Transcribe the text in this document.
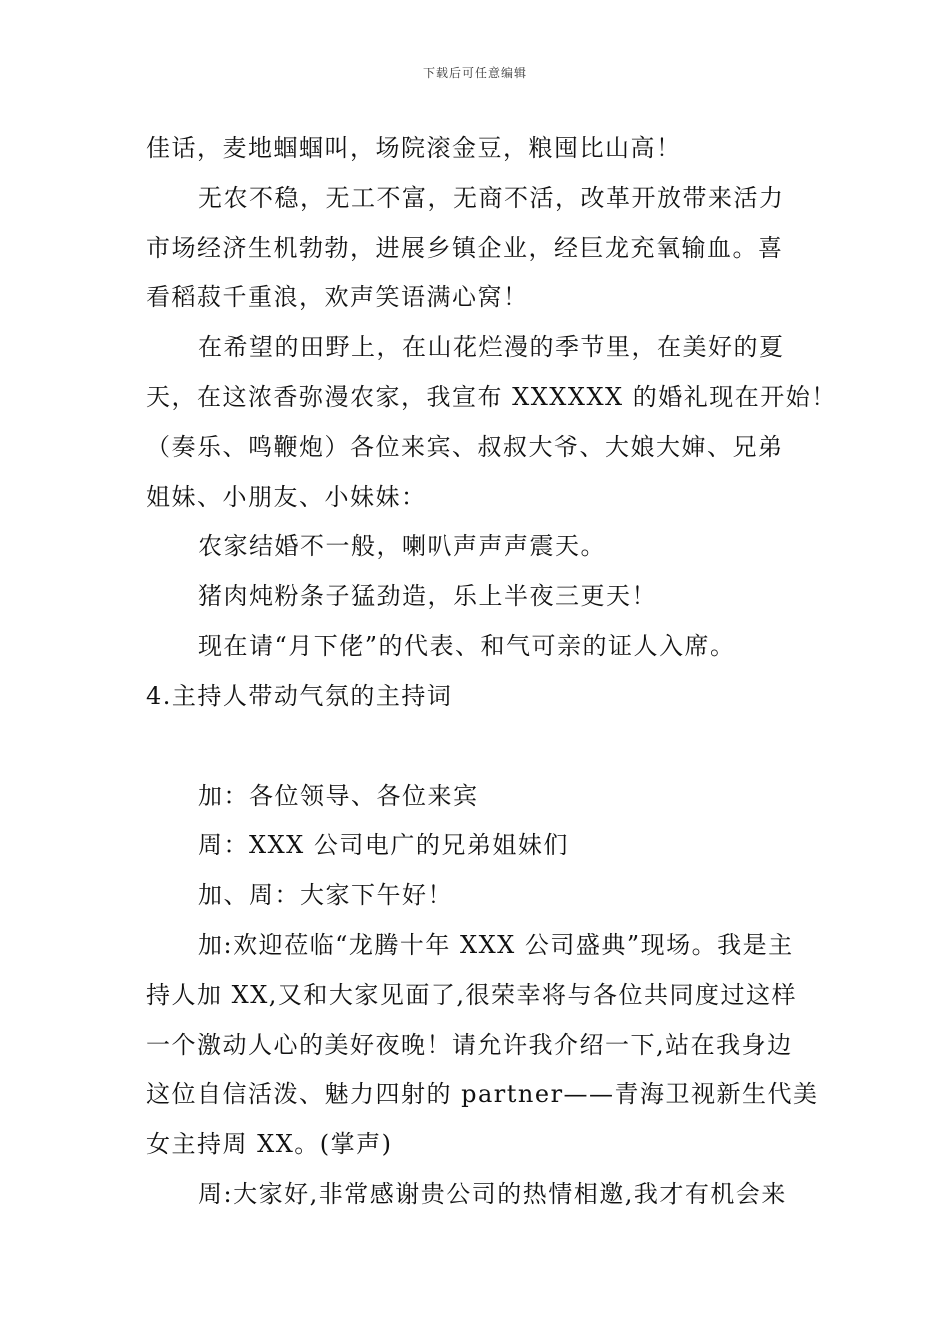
下载后可任意编辑
佳话，麦地蝈蝈叫，场院滚金豆，粮囤比山高！
无农不稳，无工不富，无商不活，改革开放带来活力
市场经济生机勃勃，进展乡镇企业，经巨龙充氧输血。喜
看稻菽千重浪，欢声笑语满心窝！
在希望的田野上，在山花烂漫的季节里，在美好的夏
天，在这浓香弥漫农家，我宣布 XXXXXX 的婚礼现在开始！
（奏乐、鸣鞭炮）各位来宾、叔叔大爷、大娘大婶、兄弟
姐妹、小朋友、小妹妹：
农家结婚不一般，喇叭声声声震天。
猪肉炖粉条子猛劲造，乐上半夜三更天！
现在请“月下佬”的代表、和气可亲的证人入席。
4.主持人带动气氛的主持词
加：各位领导、各位来宾
周：XXX 公司电广的兄弟姐妹们
加、周：大家下午好！
加:欢迎莅临“龙腾十年 XXX 公司盛典”现场。我是主
持人加 XX,又和大家见面了,很荣幸将与各位共同度过这样
一个激动人心的美好夜晚！请允许我介绍一下,站在我身边
这位自信活泼、魅力四射的 partner——青海卫视新生代美
女主持周 XX。(掌声)
周:大家好,非常感谢贵公司的热情相邀,我才有机会来
